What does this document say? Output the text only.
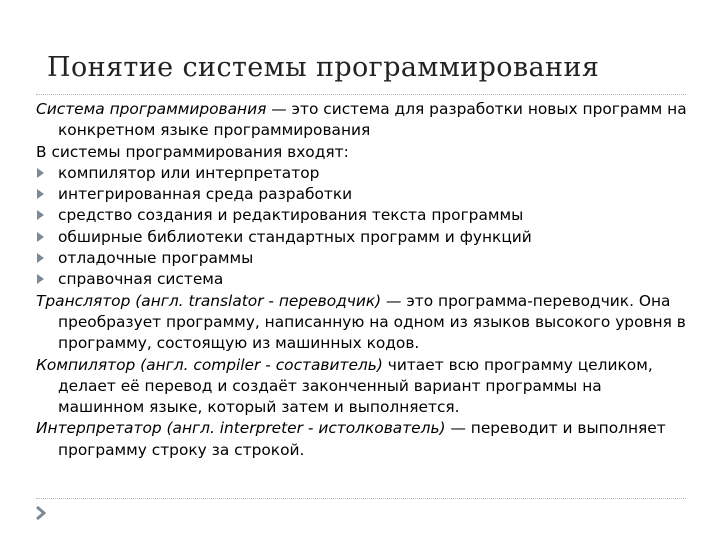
Понятие системы программирования

Система программирования — это система для разработки новых программ на конкретном языке программирования

В системы программирования входят:

компилятор или интерпретатор

интегрированная среда разработки

средство создания и редактирования текста программы

обширные библиотеки стандартных программ и функций

отладочные программы

справочная система

Транслятор (англ. translator - переводчик) — это программа-переводчик. Она преобразует программу, написанную на одном из языков высокого уровня в программу, состоящую из машинных кодов.

Компилятор (англ. compiler - составитель) читает всю программу целиком, делает её перевод и создаёт законченный вариант программы на машинном языке, который затем и выполняется.

Интерпретатор (англ. interpreter - истолкователь) — переводит и выполняет программу строку за строкой.
